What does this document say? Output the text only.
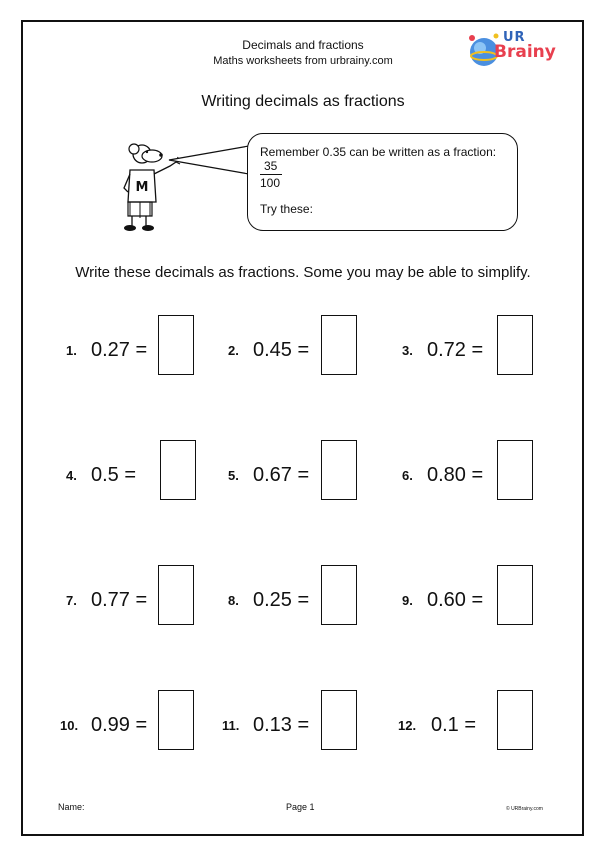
Decimals and fractions
Maths worksheets from urbrainy.com
UR
Brainy
Writing decimals as fractions
M
Remember 0.35 can be written as a fraction:
35
100
Try these:
Write these decimals as fractions. Some you may be able to simplify.
1. 0.27 =	2. 0.45 =	3. 0.72 =
4. 0.5 =	5. 0.67 =	6. 0.80 =
7. 0.77 =	8. 0.25 =	9. 0.60 =
10. 0.99 =	11. 0.13 =	12. 0.1 =
Name:	Page 1	© URBrainy.com
